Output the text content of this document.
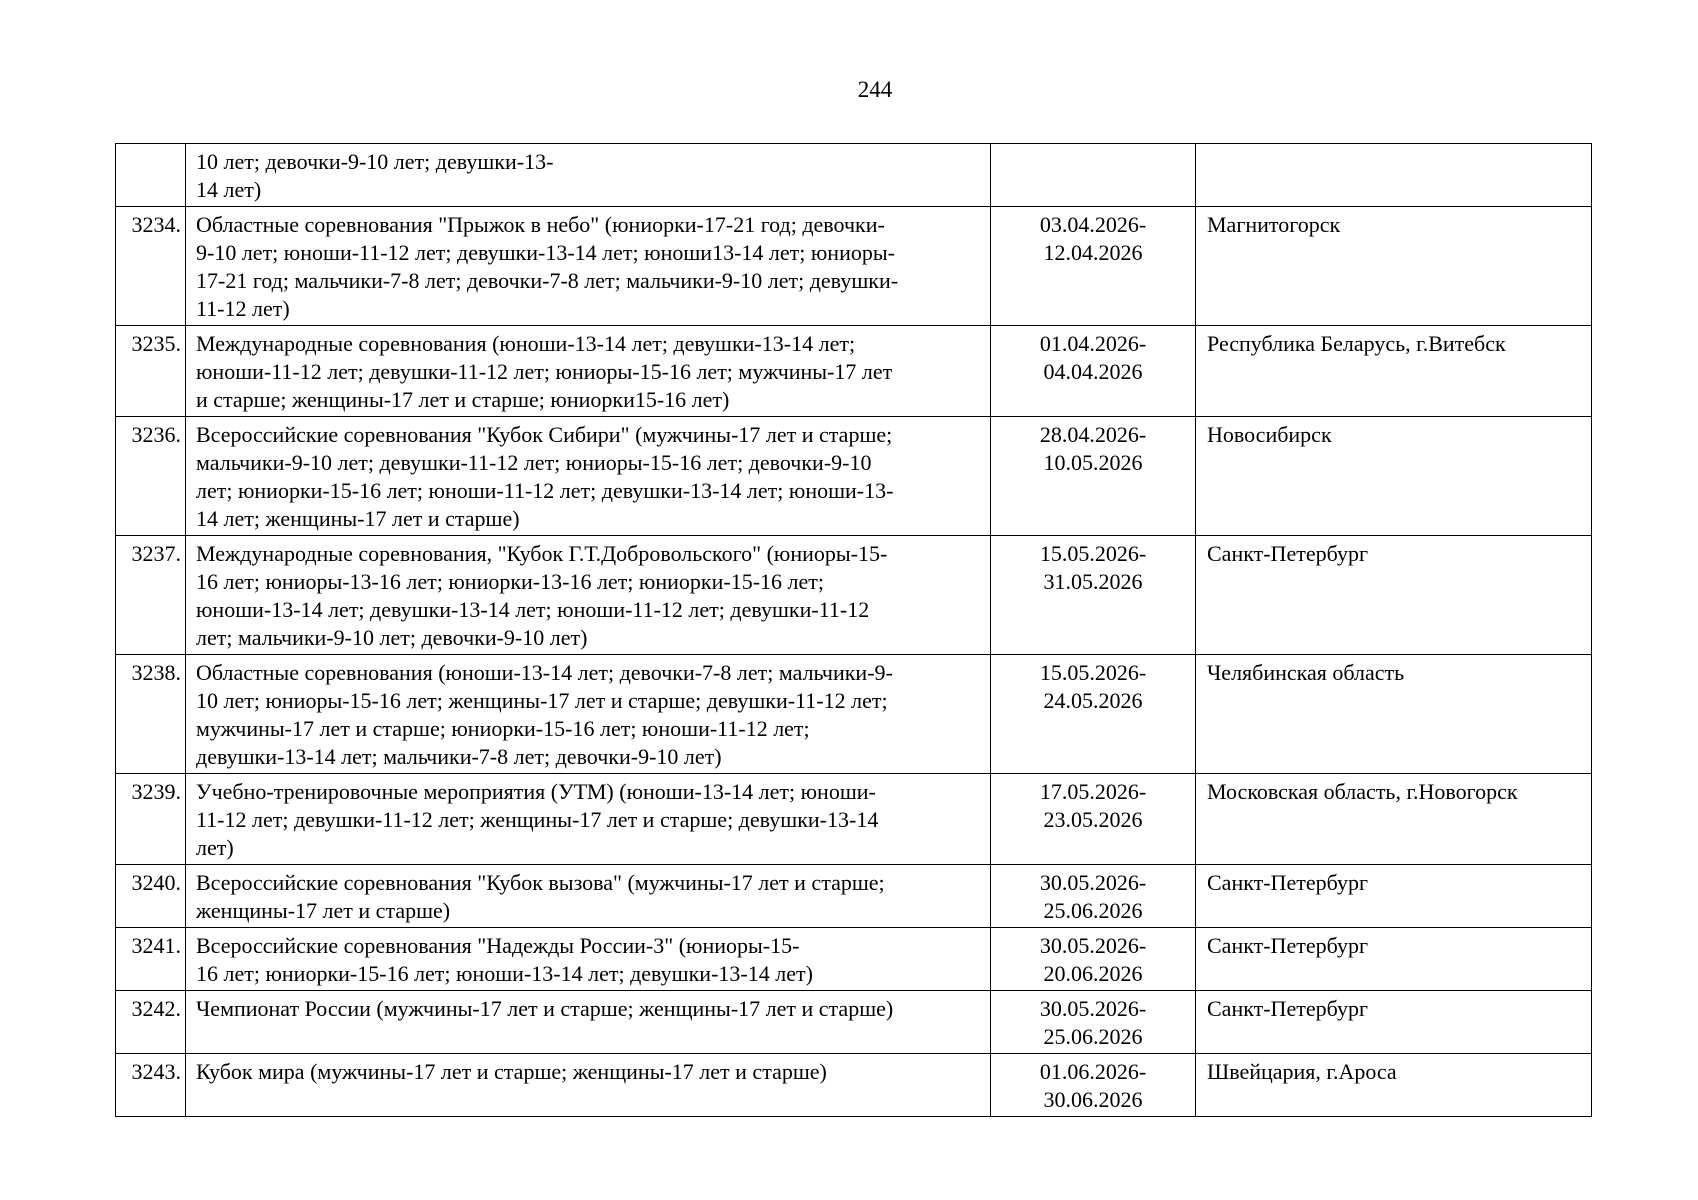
244
	10 лет; девочки-9-10 лет; девушки-13-
14 лет)	

3234.	Областные соревнования "Прыжок в небо" (юниорки-17-21 год; девочки-
9-10 лет; юноши-11-12 лет; девушки-13-14 лет; юноши13-14 лет; юниоры-
17-21 год; мальчики-7-8 лет; девочки-7-8 лет; мальчики-9-10 лет; девушки-
11-12 лет)	03.04.2026-
12.04.2026	Магнитогорск
3235.	Международные соревнования (юноши-13-14 лет; девушки-13-14 лет;
юноши-11-12 лет; девушки-11-12 лет; юниоры-15-16 лет; мужчины-17 лет
и старше; женщины-17 лет и старше; юниорки15-16 лет)	01.04.2026-
04.04.2026	Республика Беларусь, г.Витебск
3236.	Всероссийские соревнования "Кубок Сибири" (мужчины-17 лет и старше;
мальчики-9-10 лет; девушки-11-12 лет; юниоры-15-16 лет; девочки-9-10
лет; юниорки-15-16 лет; юноши-11-12 лет; девушки-13-14 лет; юноши-13-
14 лет; женщины-17 лет и старше)	28.04.2026-
10.05.2026	Новосибирск
3237.	Международные соревнования, "Кубок Г.Т.Добровольского" (юниоры-15-
16 лет; юниоры-13-16 лет; юниорки-13-16 лет; юниорки-15-16 лет;
юноши-13-14 лет; девушки-13-14 лет; юноши-11-12 лет; девушки-11-12
лет; мальчики-9-10 лет; девочки-9-10 лет)	15.05.2026-
31.05.2026	Санкт-Петербург
3238.	Областные соревнования (юноши-13-14 лет; девочки-7-8 лет; мальчики-9-
10 лет; юниоры-15-16 лет; женщины-17 лет и старше; девушки-11-12 лет;
мужчины-17 лет и старше; юниорки-15-16 лет; юноши-11-12 лет;
девушки-13-14 лет; мальчики-7-8 лет; девочки-9-10 лет)	15.05.2026-
24.05.2026	Челябинская область
3239.	Учебно-тренировочные мероприятия (УТМ) (юноши-13-14 лет; юноши-
11-12 лет; девушки-11-12 лет; женщины-17 лет и старше; девушки-13-14
лет)	17.05.2026-
23.05.2026	Московская область, г.Новогорск
3240.	Всероссийские соревнования "Кубок вызова" (мужчины-17 лет и старше;
женщины-17 лет и старше)	30.05.2026-
25.06.2026	Санкт-Петербург
3241.	Всероссийские соревнования "Надежды России-3" (юниоры-15-
16 лет; юниорки-15-16 лет; юноши-13-14 лет; девушки-13-14 лет)	30.05.2026-
20.06.2026	Санкт-Петербург
3242.	Чемпионат России (мужчины-17 лет и старше; женщины-17 лет и старше)	30.05.2026-
25.06.2026	Санкт-Петербург
3243.	Кубок мира (мужчины-17 лет и старше; женщины-17 лет и старше)	01.06.2026-
30.06.2026	Швейцария, г.Ароса
